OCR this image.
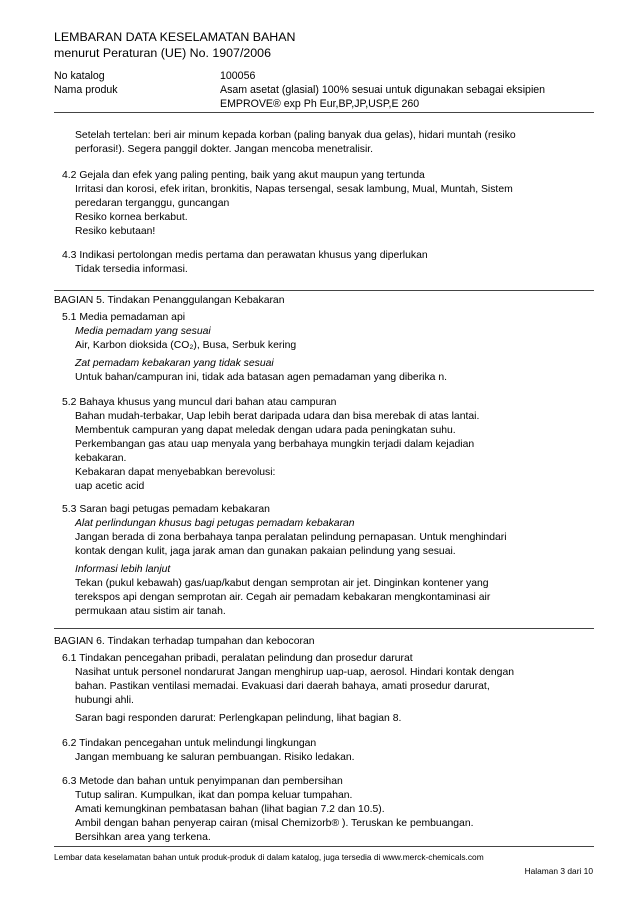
LEMBARAN DATA KESELAMATAN BAHAN
menurut Peraturan (UE) No. 1907/2006
No katalog	100056
Nama produk	Asam asetat (glasial) 100% sesuai untuk digunakan sebagai eksipien
EMPROVE® exp Ph Eur,BP,JP,USP,E 260
Setelah tertelan: beri air minum kepada korban (paling banyak dua gelas), hidari muntah (resiko
perforasi!). Segera panggil dokter. Jangan mencoba menetralisir.
4.2 Gejala dan efek yang paling penting, baik yang akut maupun yang tertunda
Irritasi dan korosi, efek iritan, bronkitis, Napas tersengal, sesak lambung, Mual, Muntah, Sistem
peredaran terganggu, guncangan
Resiko kornea berkabut.
Resiko kebutaan!
4.3 Indikasi pertolongan medis pertama dan perawatan khusus yang diperlukan
Tidak tersedia informasi.
BAGIAN 5. Tindakan Penanggulangan Kebakaran
5.1 Media pemadaman api
Media pemadam yang sesuai
Air, Karbon dioksida (CO₂), Busa, Serbuk kering
Zat pemadam kebakaran yang tidak sesuai
Untuk bahan/campuran ini, tidak ada batasan agen pemadaman yang diberika n.
5.2 Bahaya khusus yang muncul dari bahan atau campuran
Bahan mudah-terbakar, Uap lebih berat daripada udara dan bisa merebak di atas lantai.
Membentuk campuran yang dapat meledak dengan udara pada peningkatan suhu.
Perkembangan gas atau uap menyala yang berbahaya mungkin terjadi dalam kejadian
kebakaran.
Kebakaran dapat menyebabkan berevolusi:
uap acetic acid
5.3 Saran bagi petugas pemadam kebakaran
Alat perlindungan khusus bagi petugas pemadam kebakaran
Jangan berada di zona berbahaya tanpa peralatan pelindung pernapasan. Untuk menghindari
kontak dengan kulit, jaga jarak aman dan gunakan pakaian pelindung yang sesuai.
Informasi lebih lanjut
Tekan (pukul kebawah) gas/uap/kabut dengan semprotan air jet. Dinginkan kontener yang
terekspos api dengan semprotan air. Cegah air pemadam kebakaran mengkontaminasi air
permukaan atau sistim air tanah.
BAGIAN 6. Tindakan terhadap tumpahan dan kebocoran
6.1 Tindakan pencegahan pribadi, peralatan pelindung dan prosedur darurat
Nasihat untuk personel nondarurat Jangan menghirup uap-uap, aerosol. Hindari kontak dengan
bahan. Pastikan ventilasi memadai. Evakuasi dari daerah bahaya, amati prosedur darurat,
hubungi ahli.
Saran bagi responden darurat: Perlengkapan pelindung, lihat bagian 8.
6.2 Tindakan pencegahan untuk melindungi lingkungan
Jangan membuang ke saluran pembuangan. Risiko ledakan.
6.3 Metode dan bahan untuk penyimpanan dan pembersihan
Tutup saliran. Kumpulkan, ikat dan pompa keluar tumpahan.
Amati kemungkinan pembatasan bahan (lihat bagian 7.2 dan 10.5).
Ambil dengan bahan penyerap cairan (misal Chemizorb® ). Teruskan ke pembuangan.
Bersihkan area yang terkena.
Lembar data keselamatan bahan untuk produk-produk di dalam katalog, juga tersedia di www.merck-chemicals.com
Halaman 3 dari 10
